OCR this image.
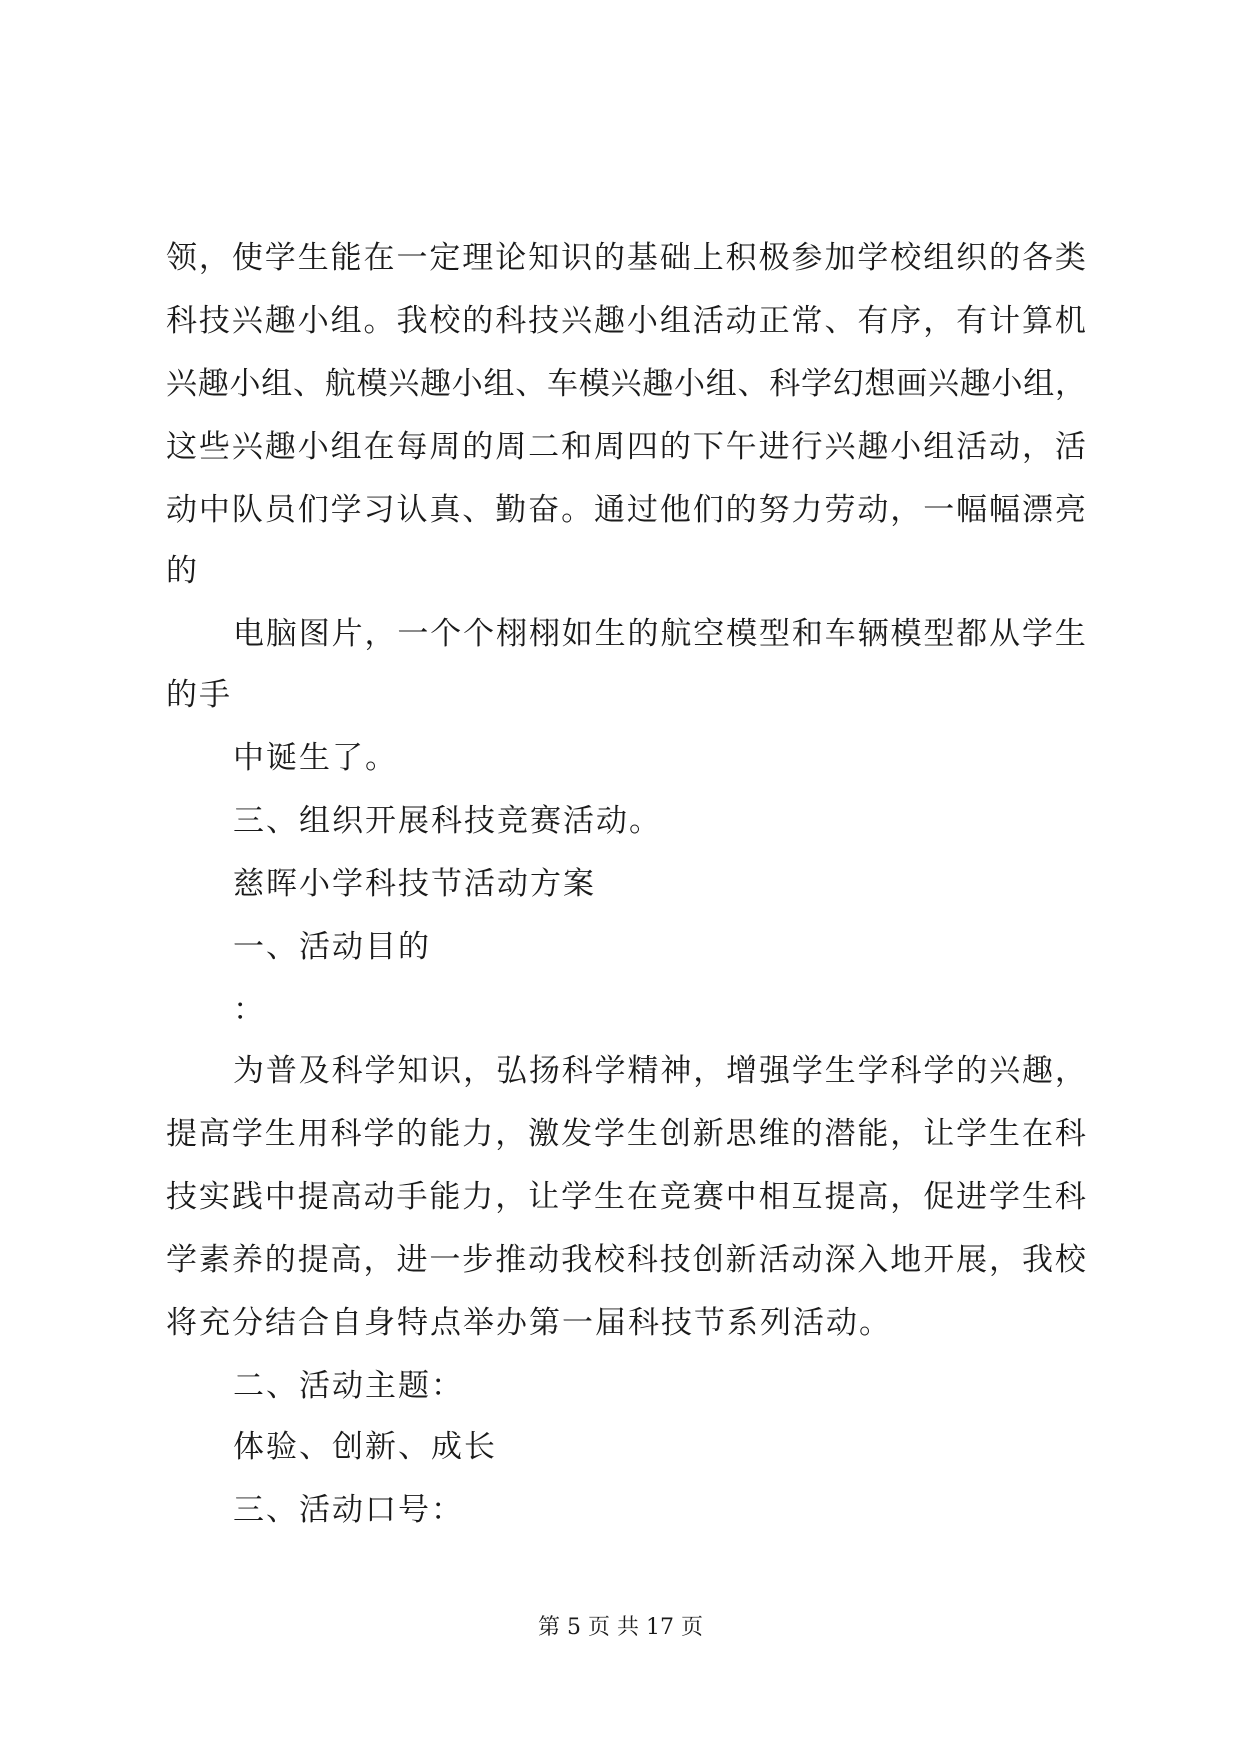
领 ， 使 学 生 能 在 一 定 理 论 知 识 的 基 础 上 积 极 参 加 学 校 组 织 的 各 类
科 技 兴 趣 小 组 。 我 校 的 科 技 兴 趣 小 组 活 动 正 常 、 有 序 ， 有 计 算 机
兴 趣 小 组 、 航 模 兴 趣 小 组 、 车 模 兴 趣 小 组 、 科 学 幻 想 画 兴 趣 小 组 ，
这 些 兴 趣 小 组 在 每 周 的 周 二 和 周 四 的 下 午 进 行 兴 趣 小 组 活 动 ， 活
动 中 队 员 们 学 习 认 真 、 勤 奋 。 通 过 他 们 的 努 力 劳 动 ， 一 幅 幅 漂 亮
的
电 脑 图 片 ， 一 个 个 栩 栩 如 生 的 航 空 模 型 和 车 辆 模 型 都 从 学 生
的手
中诞生了。
三、组织开展科技竞赛活动。
慈晖小学科技节活动方案
一、活动目的
：
为 普 及 科 学 知 识 ， 弘 扬 科 学 精 神 ， 增 强 学 生 学 科 学 的 兴 趣 ，
提 高 学 生 用 科 学 的 能 力 ， 激 发 学 生 创 新 思 维 的 潜 能 ， 让 学 生 在 科
技 实 践 中 提 高 动 手 能 力 ， 让 学 生 在 竞 赛 中 相 互 提 高 ， 促 进 学 生 科
学 素 养 的 提 高 ， 进 一 步 推 动 我 校 科 技 创 新 活 动 深 入 地 开 展 ， 我 校
将充分结合自身特点举办第一届科技节系列活动。
二、活动主题：
体验、创新、成长
三、活动口号：
第 5 页 共 17 页
